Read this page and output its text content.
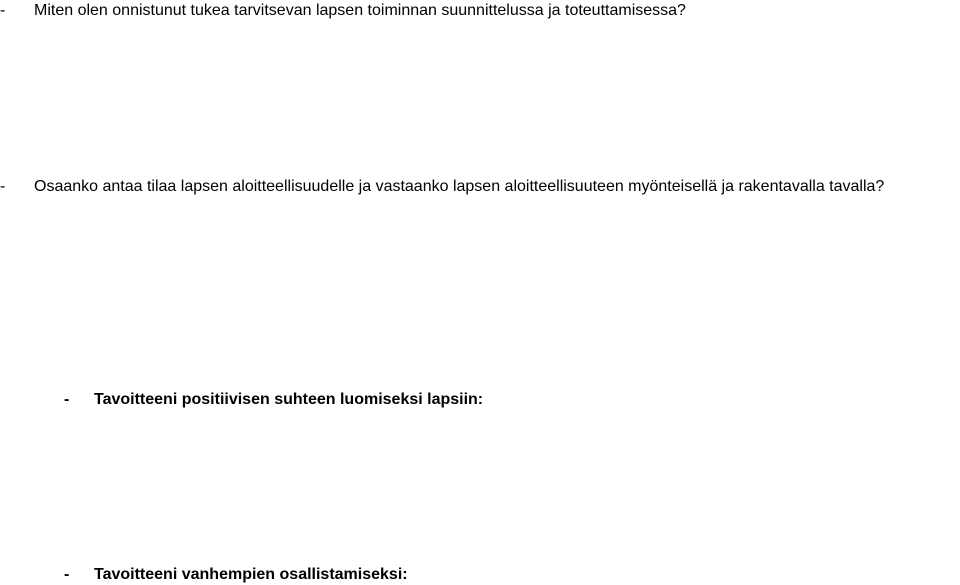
- Miten olen onnistunut tukea tarvitsevan lapsen toiminnan suunnittelussa ja toteuttamisessa?
- Osaanko antaa tilaa lapsen aloitteellisuudelle ja vastaanko lapsen aloitteellisuuteen myönteisellä ja rakentavalla tavalla?
- Tavoitteeni positiivisen suhteen luomiseksi lapsiin:
- Tavoitteeni vanhempien osallistamiseksi:
